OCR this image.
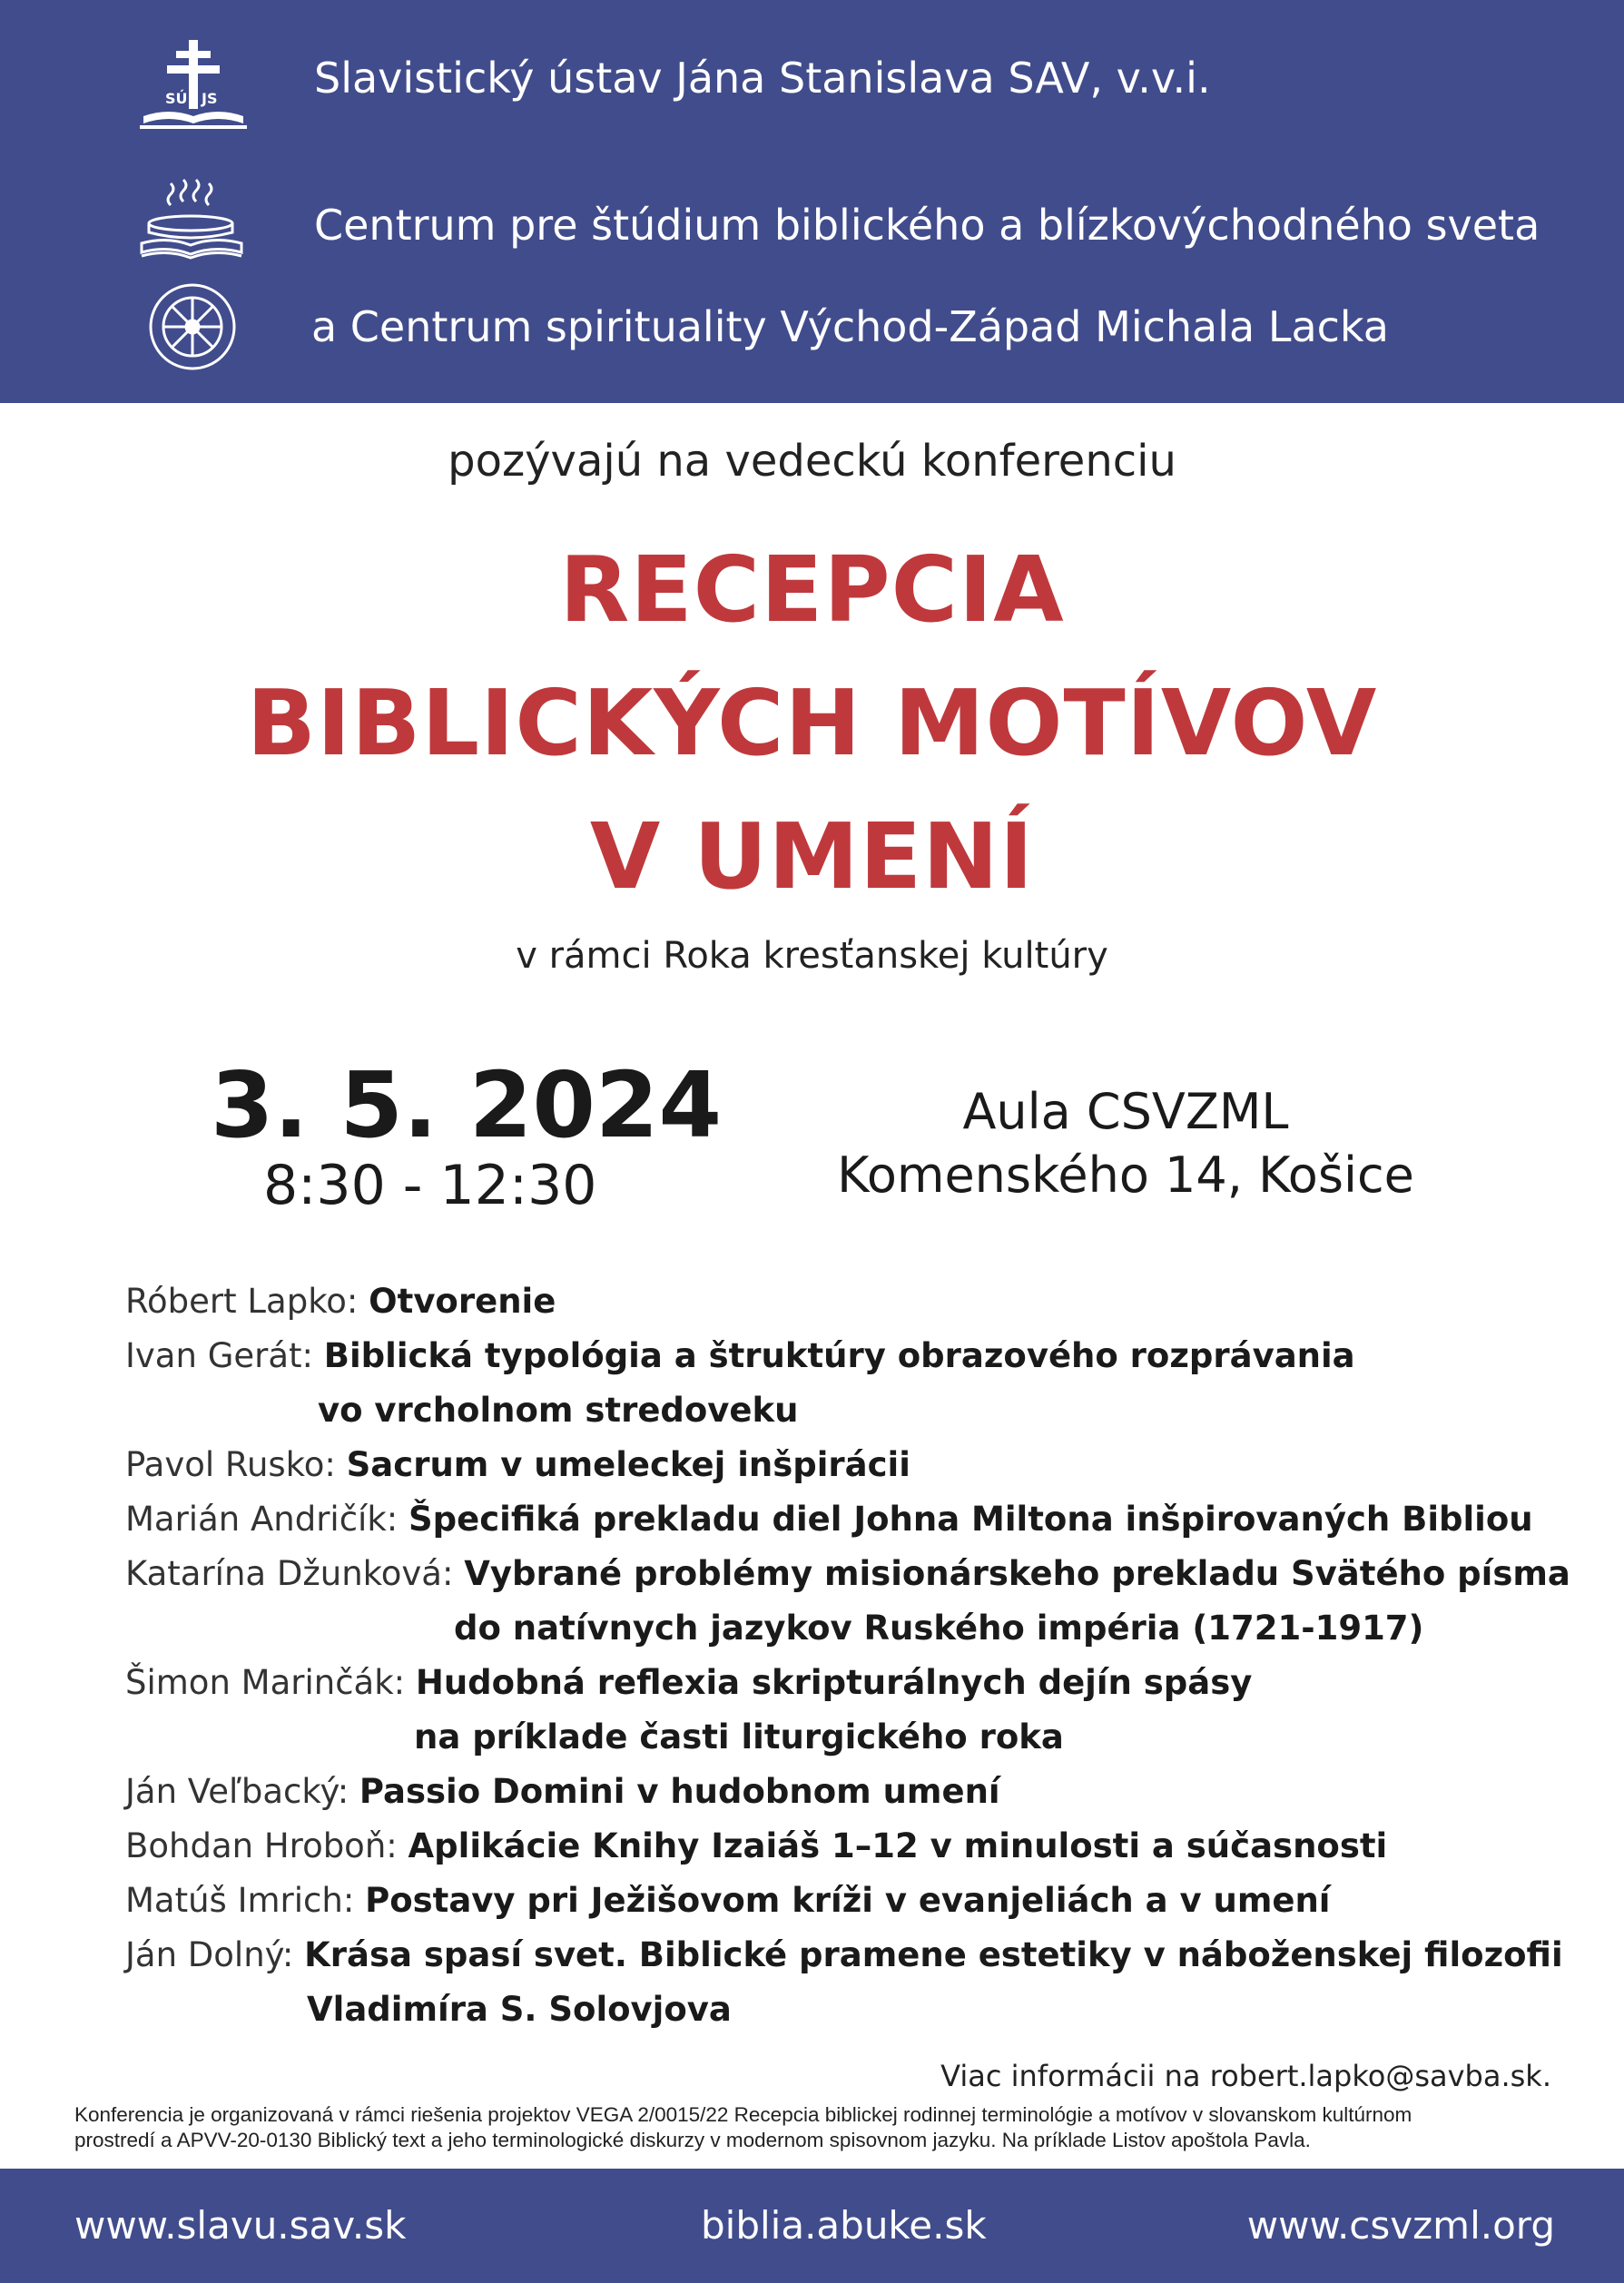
SÚ JS Slavistický ústav Jána Stanislava SAV, v.v.i.
Centrum pre štúdium biblického a blízkovýchodného sveta
a Centrum spirituality Východ-Západ Michala Lacka
pozývajú na vedeckú konferenciu
RECEPCIA
BIBLICKÝCH MOTÍVOV
V UMENÍ
v rámci Roka kresťanskej kultúry
3. 5. 2024
8:30 - 12:30
Aula CSVZML
Komenského 14, Košice
Róbert Lapko: Otvorenie
Ivan Gerát: Biblická typológia a štruktúry obrazového rozprávania
vo vrcholnom stredoveku
Pavol Rusko: Sacrum v umeleckej inšpirácii
Marián Andričík: Špecifiká prekladu diel Johna Miltona inšpirovaných Bibliou
Katarína Džunková: Vybrané problémy misionárskeho prekladu Svätého písma
do natívnych jazykov Ruského impéria (1721-1917)
Šimon Marinčák: Hudobná reflexia skripturálnych dejín spásy
na príklade časti liturgického roka
Ján Veľbacký: Passio Domini v hudobnom umení
Bohdan Hroboň: Aplikácie Knihy Izaiáš 1–12 v minulosti a súčasnosti
Matúš Imrich: Postavy pri Ježišovom kríži v evanjeliách a v umení
Ján Dolný: Krása spasí svet. Biblické pramene estetiky v náboženskej filozofii
Vladimíra S. Solovjova
Viac informácii na robert.lapko@savba.sk.
Konferencia je organizovaná v rámci riešenia projektov VEGA 2/0015/22 Recepcia biblickej rodinnej terminológie a motívov v slovanskom kultúrnom
prostredí a APVV-20-0130 Biblický text a jeho terminologické diskurzy v modernom spisovnom jazyku. Na príklade Listov apoštola Pavla.
www.slavu.sav.sk	biblia.abuke.sk	www.csvzml.org
